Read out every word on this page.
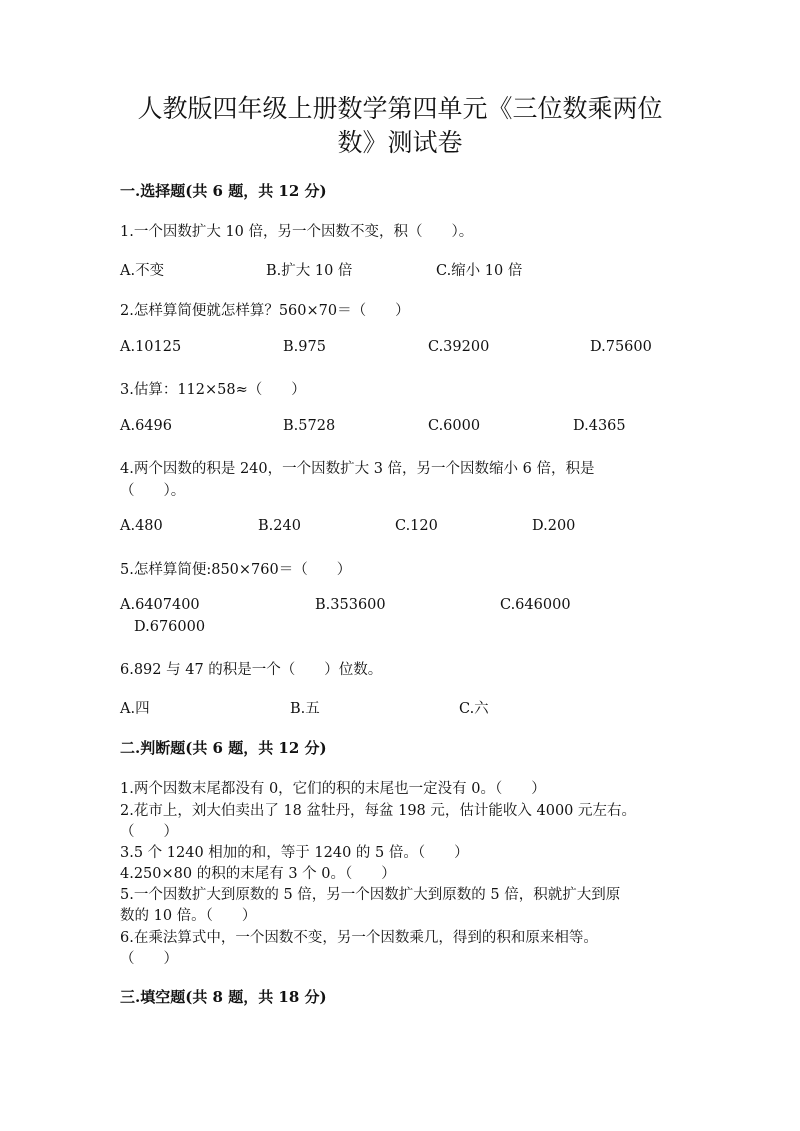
人教版四年级上册数学第四单元《三位数乘两位
数》测试卷
一.选择题(共 6 题，共 12 分)
1.一个因数扩大 10 倍，另一个因数不变，积（　　）。
A.不变	B.扩大 10 倍	C.缩小 10 倍
2.怎样算简便就怎样算？560×70＝（　　）
A.10125	B.975	C.39200	D.75600
3.估算：112×58≈（　　）
A.6496	B.5728	C.6000	D.4365
4.两个因数的积是 240，一个因数扩大 3 倍，另一个因数缩小 6 倍，积是
（　　）。
A.480	B.240	C.120	D.200
5.怎样算简便:850×760＝（　　）
A.6407400	B.353600	C.646000
D.676000
6.892 与 47 的积是一个（　　）位数。
A.四	B.五	C.六
二.判断题(共 6 题，共 12 分)
1.两个因数末尾都没有 0，它们的积的末尾也一定没有 0。（　　）
2.花市上，刘大伯卖出了 18 盆牡丹，每盆 198 元，估计能收入 4000 元左右。
（　　）
3.5 个 1240 相加的和，等于 1240 的 5 倍。（　　）
4.250×80 的积的末尾有 3 个 0。（　　）
5.一个因数扩大到原数的 5 倍，另一个因数扩大到原数的 5 倍，积就扩大到原
数的 10 倍。（　　）
6.在乘法算式中，一个因数不变，另一个因数乘几，得到的积和原来相等。
（　　）
三.填空题(共 8 题，共 18 分)
